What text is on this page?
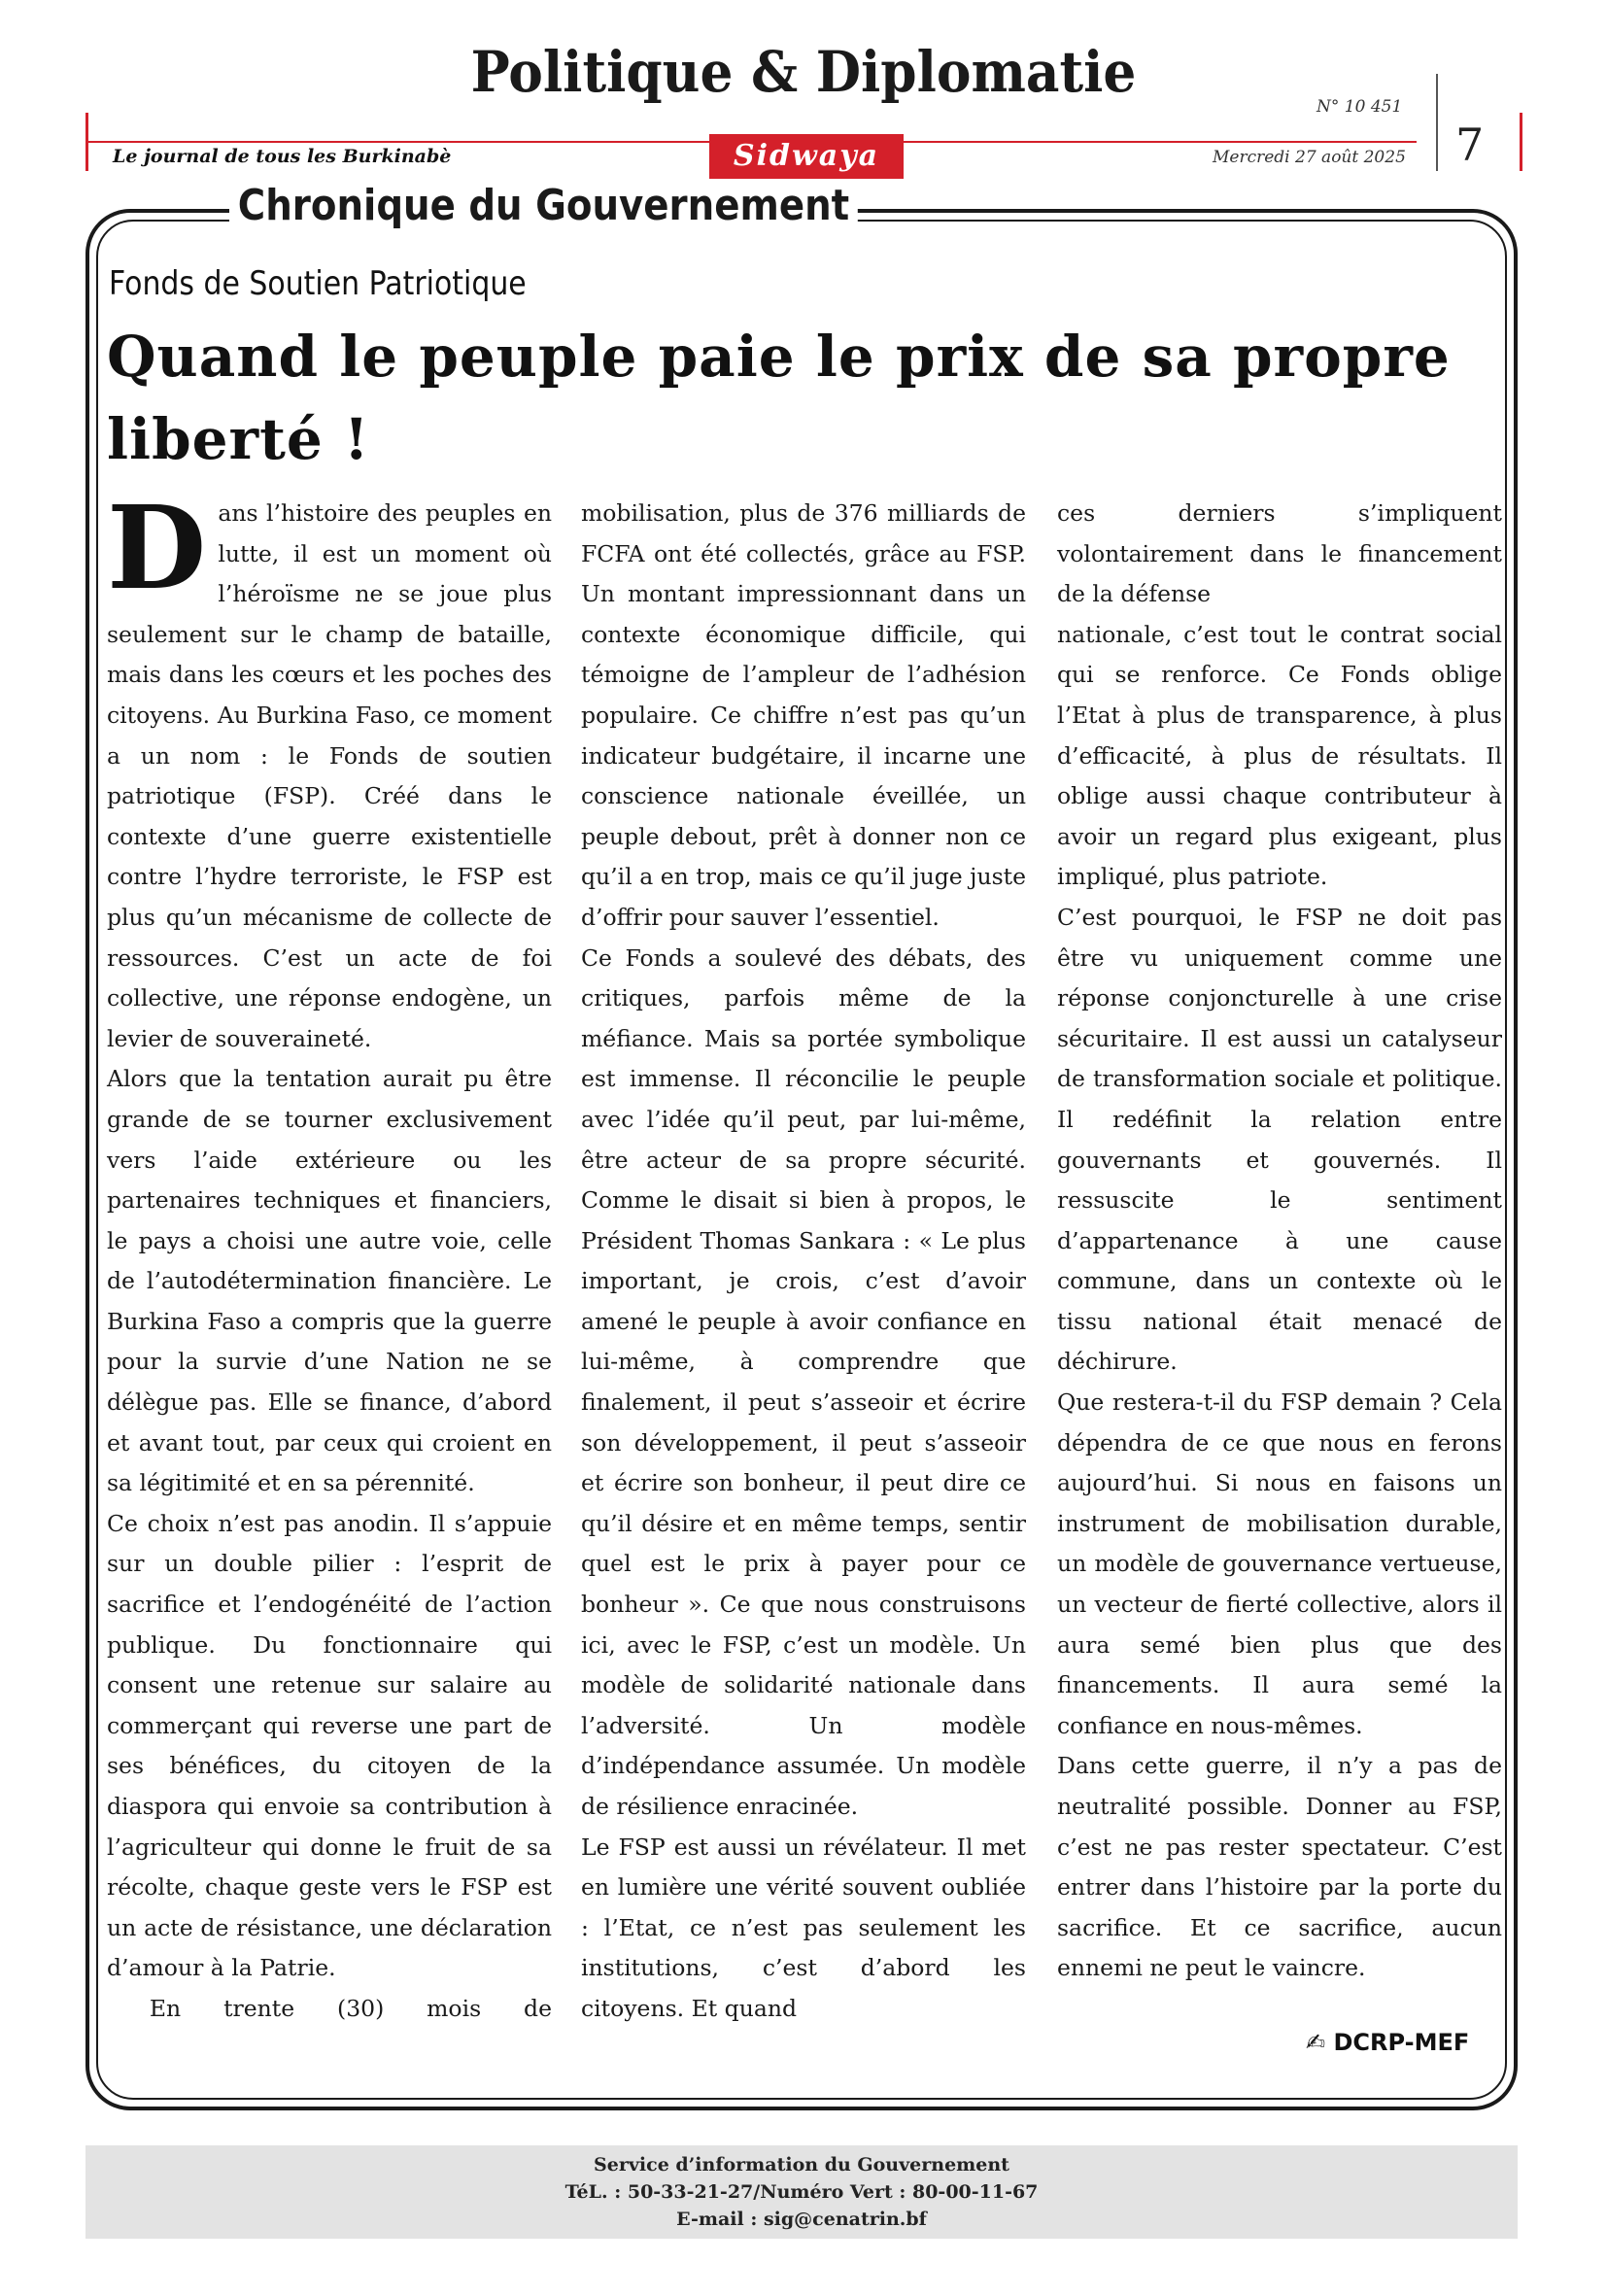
Politique & Diplomatie
Le journal de tous les Burkinabè	Sidwaya
N° 10 451
Mercredi 27 août 2025 7
Chronique du Gouvernement
Fonds de Soutien Patriotique
Quand le peuple paie le prix de sa propre liberté !
D ans l’histoire des peuples en lutte, il est un moment où l’héroïsme ne se joue plus seulement sur le champ de bataille, mais dans les cœurs et les poches des citoyens. Au Burkina Faso, ce moment a un nom : le Fonds de soutien patriotique (FSP). Créé dans le contexte d’une guerre existentielle contre l’hydre terroriste, le FSP est plus qu’un mécanisme de collecte de ressources. C’est un acte de foi collective, une réponse endogène, un levier de souveraineté.

Alors que la tentation aurait pu être grande de se tourner exclusivement vers l’aide extérieure ou les partenaires techniques et financiers, le pays a choisi une autre voie, celle de l’autodétermination financière. Le Burkina Faso a compris que la guerre pour la survie d’une Nation ne se délègue pas. Elle se finance, d’abord et avant tout, par ceux qui croient en sa légitimité et en sa pérennité.

Ce choix n’est pas anodin. Il s’appuie sur un double pilier : l’esprit de sacrifice et l’endogénéité de l’action publique. Du fonctionnaire qui consent une retenue sur salaire au commerçant qui reverse une part de ses bénéfices, du citoyen de la diaspora qui envoie sa contribution à l’agriculteur qui donne le fruit de sa récolte, chaque geste vers le FSP est un acte de résistance, une déclaration d’amour à la Patrie.

En trente (30) mois de

mobilisation, plus de 376 milliards de FCFA ont été collectés, grâce au FSP. Un montant impressionnant dans un contexte économique difficile, qui témoigne de l’ampleur de l’adhésion populaire. Ce chiffre n’est pas qu’un indicateur budgétaire, il incarne une conscience nationale éveillée, un peuple debout, prêt à donner non ce qu’il a en trop, mais ce qu’il juge juste d’offrir pour sauver l’essentiel.

Ce Fonds a soulevé des débats, des critiques, parfois même de la méfiance. Mais sa portée symbolique est immense. Il réconcilie le peuple avec l’idée qu’il peut, par lui-même, être acteur de sa propre sécurité. Comme le disait si bien à propos, le Président Thomas Sankara : « Le plus important, je crois, c’est d’avoir amené le peuple à avoir confiance en lui-même, à comprendre que finalement, il peut s’asseoir et écrire son développement, il peut s’asseoir et écrire son bonheur, il peut dire ce qu’il désire et en même temps, sentir quel est le prix à payer pour ce bonheur ». Ce que nous construisons ici, avec le FSP, c’est un modèle. Un modèle de solidarité nationale dans l’adversité. Un modèle d’indépendance assumée. Un modèle de résilience enracinée.

Le FSP est aussi un révélateur. Il met en lumière une vérité souvent oubliée : l’Etat, ce n’est pas seulement les institutions, c’est d’abord les citoyens. Et quand

ces derniers s’impliquent volontairement dans le financement de la défense

nationale, c’est tout le contrat social qui se renforce. Ce Fonds oblige l’Etat à plus de transparence, à plus d’efficacité, à plus de résultats. Il oblige aussi chaque contributeur à avoir un regard plus exigeant, plus impliqué, plus patriote.

C’est pourquoi, le FSP ne doit pas être vu uniquement comme une réponse conjoncturelle à une crise sécuritaire. Il est aussi un catalyseur de transformation sociale et politique. Il redéfinit la relation entre gouvernants et gouvernés. Il ressuscite le sentiment d’appartenance à une cause commune, dans un contexte où le tissu national était menacé de déchirure.

Que restera-t-il du FSP demain ? Cela dépendra de ce que nous en ferons aujourd’hui. Si nous en faisons un instrument de mobilisation durable, un modèle de gouvernance vertueuse, un vecteur de fierté collective, alors il aura semé bien plus que des financements. Il aura semé la confiance en nous-mêmes.

Dans cette guerre, il n’y a pas de neutralité possible. Donner au FSP, c’est ne pas rester spectateur. C’est entrer dans l’histoire par la porte du sacrifice. Et ce sacrifice, aucun ennemi ne peut le vaincre.

✍ DCRP-MEF
Service d’information du Gouvernement
TéL. : 50-33-21-27/Numéro Vert : 80-00-11-67
E-mail : sig@cenatrin.bf
